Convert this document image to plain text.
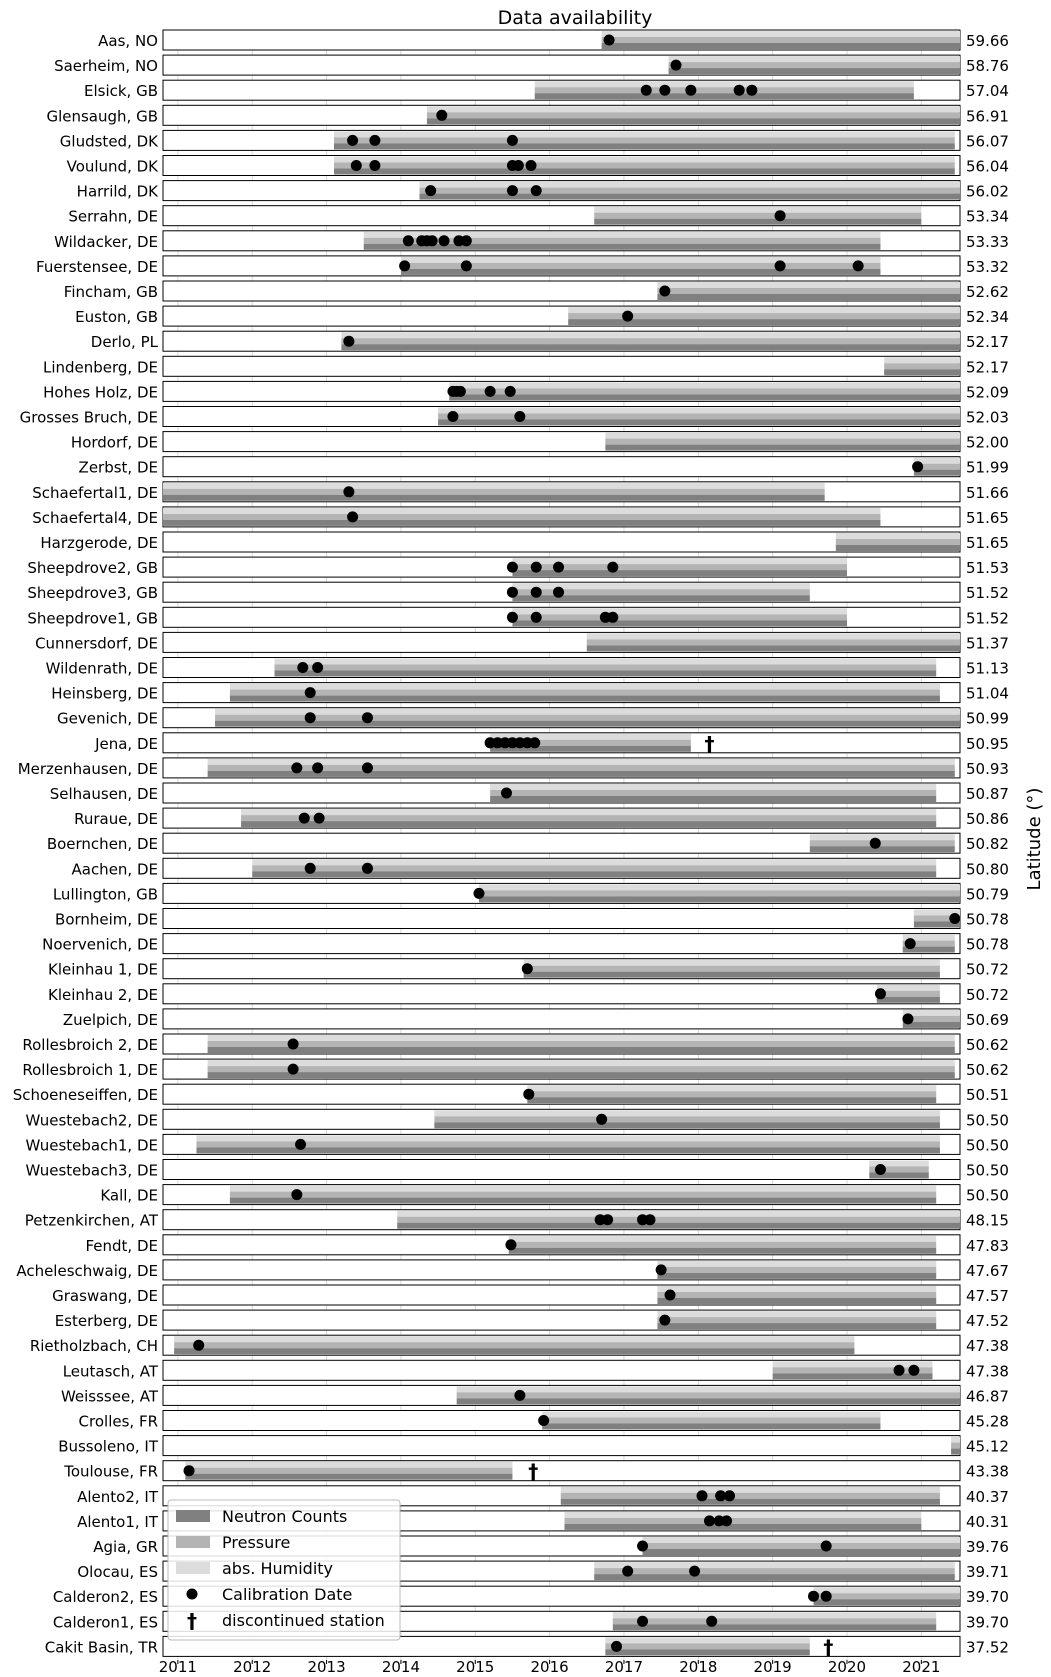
Data availability
Latitude (°)
Aas, NO	59.66
Saerheim, NO	58.76
Elsick, GB	57.04
Glensaugh, GB	56.91
Gludsted, DK	56.07
Voulund, DK	56.04
Harrild, DK	56.02
Serrahn, DE	53.34
Wildacker, DE	53.33
Fuerstensee, DE	53.32
Fincham, GB	52.62
Euston, GB	52.34
Derlo, PL	52.17
Lindenberg, DE	52.17
Hohes Holz, DE	52.09
Grosses Bruch, DE	52.03
Hordorf, DE	52.00
Zerbst, DE	51.99
Schaefertal1, DE	51.66
Schaefertal4, DE	51.65
Harzgerode, DE	51.65
Sheepdrove2, GB	51.53
Sheepdrove3, GB	51.52
Sheepdrove1, GB	51.52
Cunnersdorf, DE	51.37
Wildenrath, DE	51.13
Heinsberg, DE	51.04
Gevenich, DE	50.99
Jena, DE	50.95
†
Merzenhausen, DE	50.93
Selhausen, DE	50.87
Ruraue, DE	50.86
Boernchen, DE	50.82
Aachen, DE	50.80
Lullington, GB	50.79
Bornheim, DE	50.78
Noervenich, DE	50.78
Kleinhau 1, DE	50.72
Kleinhau 2, DE	50.72
Zuelpich, DE	50.69
Rollesbroich 2, DE	50.62
Rollesbroich 1, DE	50.62
Schoeneseiffen, DE	50.51
Wuestebach2, DE	50.50
Wuestebach1, DE	50.50
Wuestebach3, DE	50.50
Kall, DE	50.50
Petzenkirchen, AT	48.15
Fendt, DE	47.83
Acheleschwaig, DE	47.67
Graswang, DE	47.57
Esterberg, DE	47.52
Rietholzbach, CH	47.38
Leutasch, AT	47.38
Weisssee, AT	46.87
Crolles, FR	45.28
Bussoleno, IT	45.12
Toulouse, FR	43.38
†
Alento2, IT	40.37
Alento1, IT	40.31
Agia, GR	39.76
Olocau, ES	39.71
Calderon2, ES	39.70
Calderon1, ES	39.70
Cakit Basin, TR	37.52
†
2011 2012 2013 2014 2015 2016 2017 2018 2019 2020 2021
Neutron Counts
Pressure
abs. Humidity
Calibration Date
† discontinued station
